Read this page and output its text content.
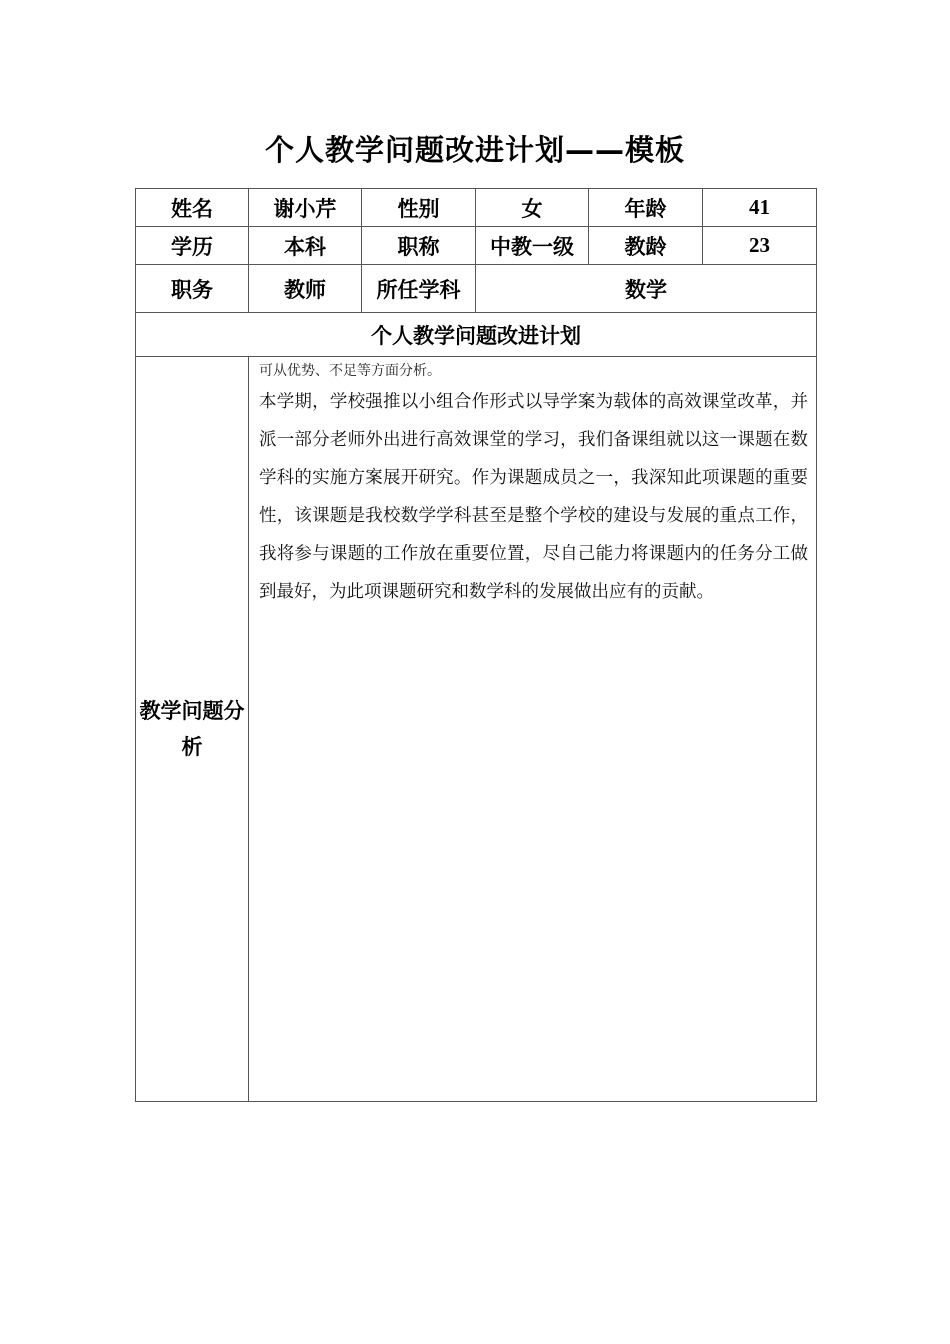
个人教学问题改进计划——模板
姓名	谢小芹	性别	女	年龄	41
学历	本科	职称	中教一级	教龄	23
职务	教师	所任学科	数学		
个人教学问题改进计划					
教学问题分析	可从优势、不足等方面分析。
本学期，学校强推以小组合作形式以导学案为载体的高效课堂改革，并派一部分老师外出进行高效课堂的学习，我们备课组就以这一课题在数学科的实施方案展开研究。作为课题成员之一，我深知此项课题的重要性，该课题是我校数学学科甚至是整个学校的建设与发展的重点工作，我将参与课题的工作放在重要位置，尽自己能力将课题内的任务分工做到最好，为此项课题研究和数学科的发展做出应有的贡献。				
